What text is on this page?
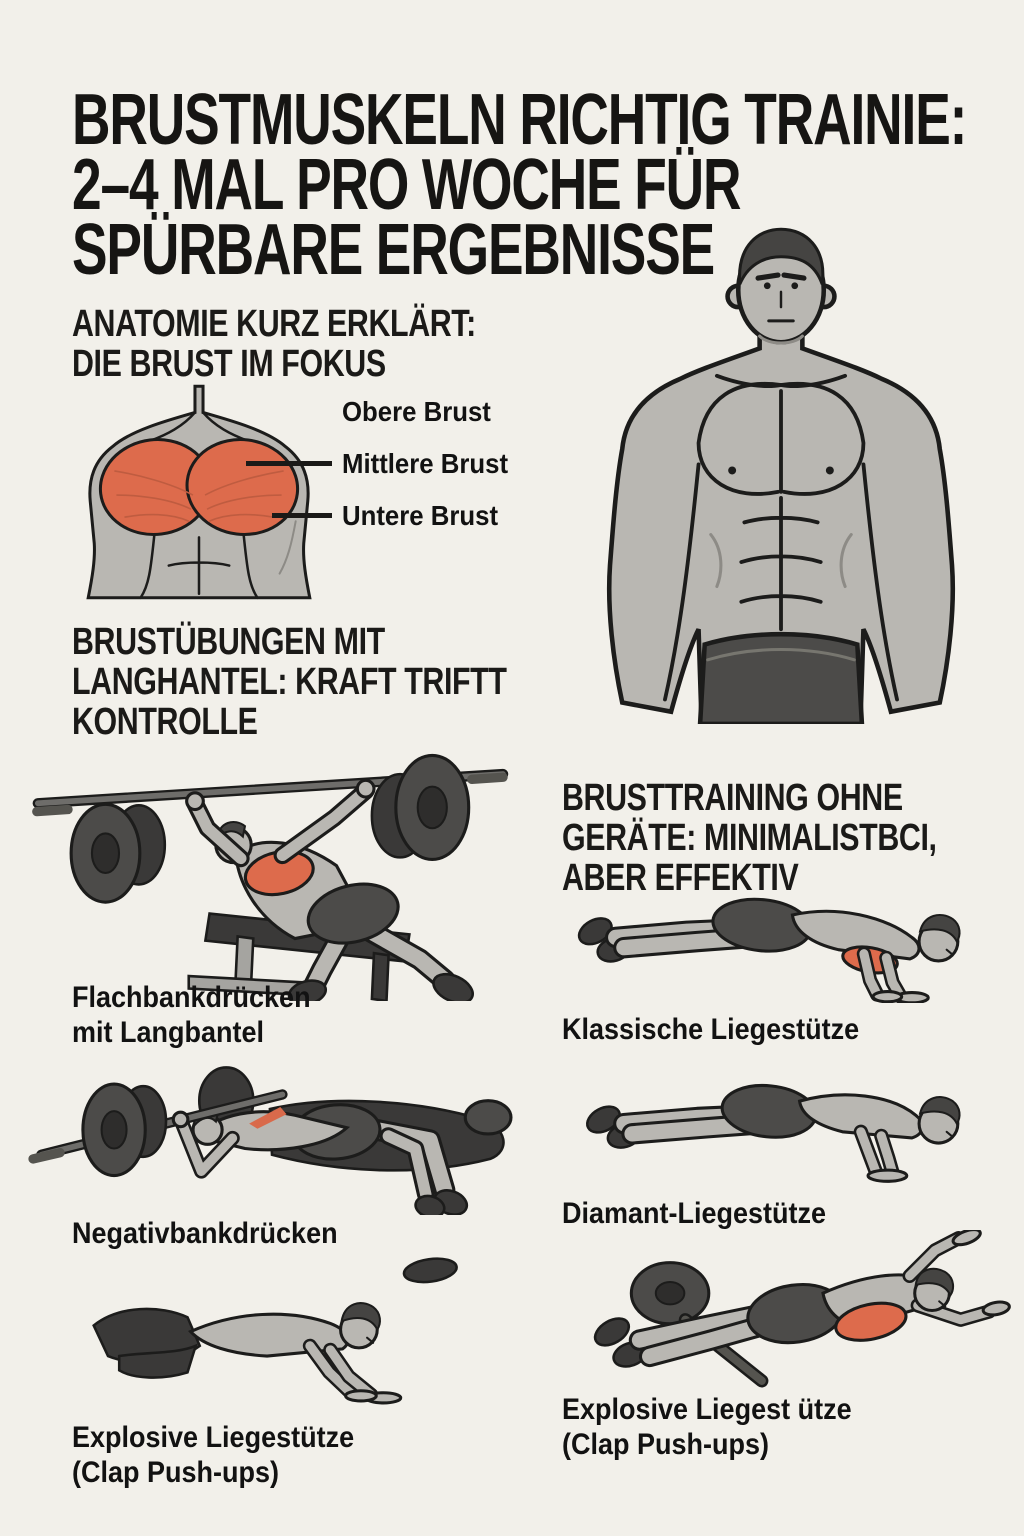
BRUSTMUSKELN RICHTIG TRAINIE:
2–4 MAL PRO WOCHE FÜR
SPÜRBARE ERGEBNISSE
ANATOMIE KURZ ERKLÄRT:
DIE BRUST IM FOKUS
Obere Brust
Mittlere Brust
Untere Brust
BRUSTÜBUNGEN MIT
LANGHANTEL: KRAFT TRIFTT
KONTROLLE
BRUSTTRAINING OHNE
GERÄTE: MINIMALISTBCI,
ABER EFFEKTIV
Flachbankdrücken
mit Langbantel	Klassische Liegestütze
Negativbankdrücken
Diamant-Liegestütze
Explosive Liegestütze
(Clap Push-ups)
Explosive Liegest ütze
(Clap Push-ups)
